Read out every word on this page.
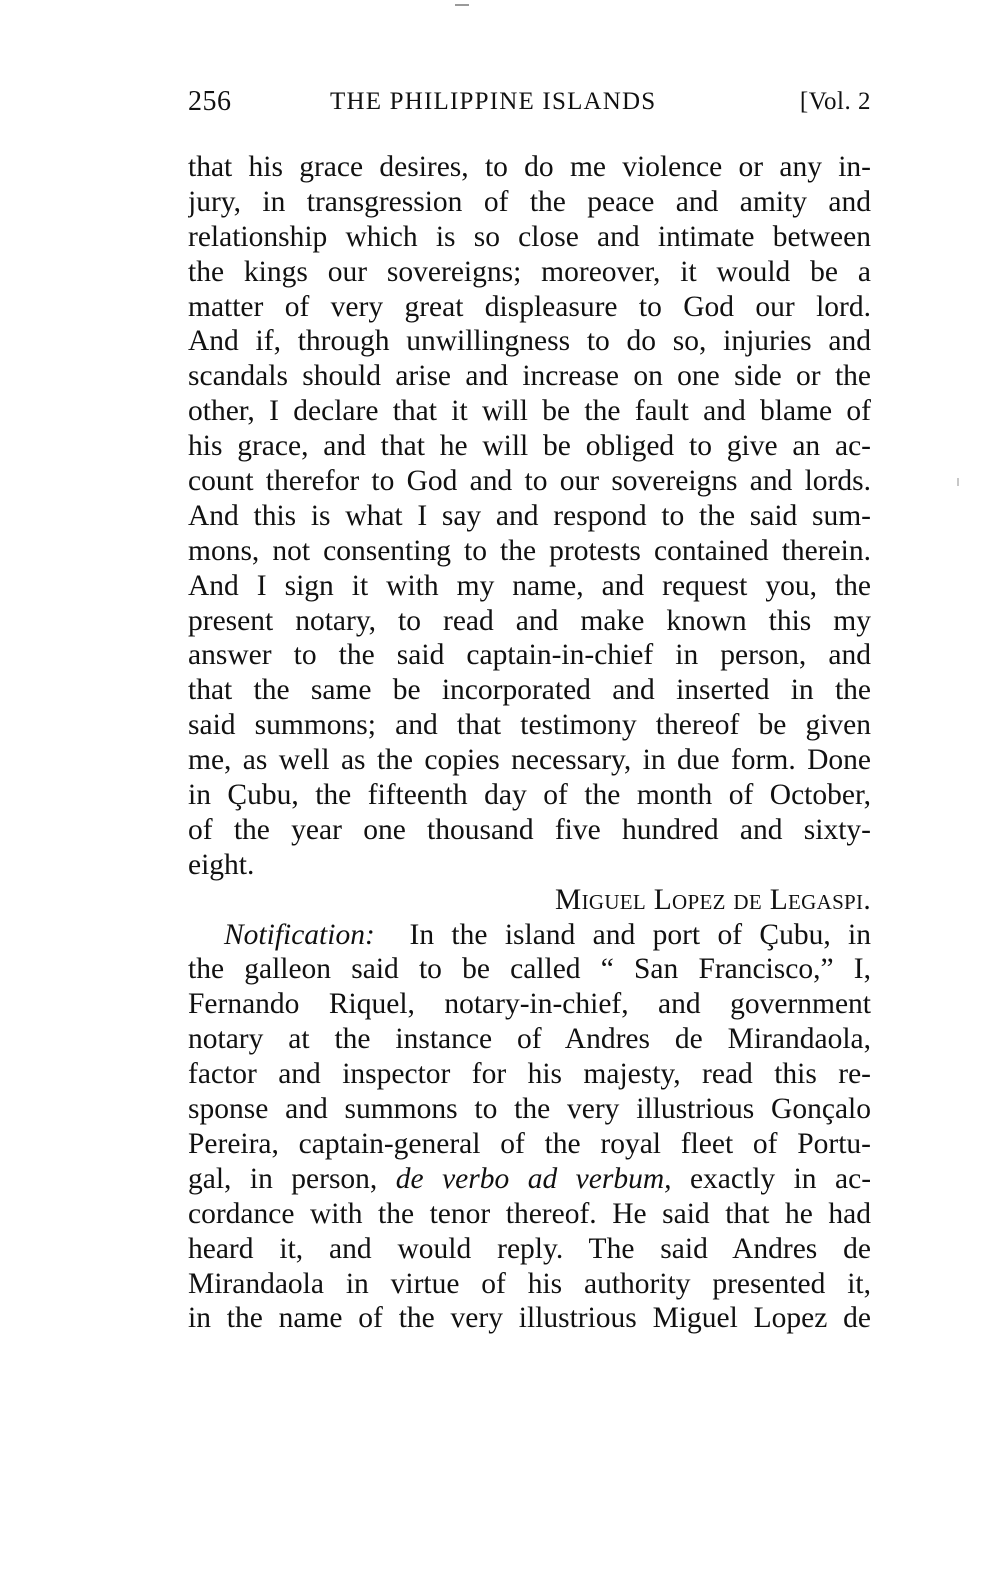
256	THE PHILIPPINE ISLANDS	[Vol. 2
that his grace desires, to do me violence or any in-
jury, in transgression of the peace and amity and
relationship which is so close and intimate between
the kings our sovereigns; moreover, it would be a
matter of very great displeasure to God our lord.
And if, through unwillingness to do so, injuries and
scandals should arise and increase on one side or the
other, I declare that it will be the fault and blame of
his grace, and that he will be obliged to give an ac-
count therefor to God and to our sovereigns and lords.
And this is what I say and respond to the said sum-
mons, not consenting to the protests contained therein.
And I sign it with my name, and request you, the
present notary, to read and make known this my
answer to the said captain-in-chief in person, and
that the same be incorporated and inserted in the
said summons; and that testimony thereof be given
me, as well as the copies necessary, in due form. Done
in Çubu, the fifteenth day of the month of October,
of the year one thousand five hundred and sixty-
eight.
Miguel Lopez de Legaspi.
Notification: In the island and port of Çubu, in
the galleon said to be called “ San Francisco,” I,
Fernando Riquel, notary-in-chief, and government
notary at the instance of Andres de Mirandaola,
factor and inspector for his majesty, read this re-
sponse and summons to the very illustrious Gonçalo
Pereira, captain-general of the royal fleet of Portu-
gal, in person, de verbo ad verbum, exactly in ac-
cordance with the tenor thereof. He said that he had
heard it, and would reply. The said Andres de
Mirandaola in virtue of his authority presented it,
in the name of the very illustrious Miguel Lopez de
